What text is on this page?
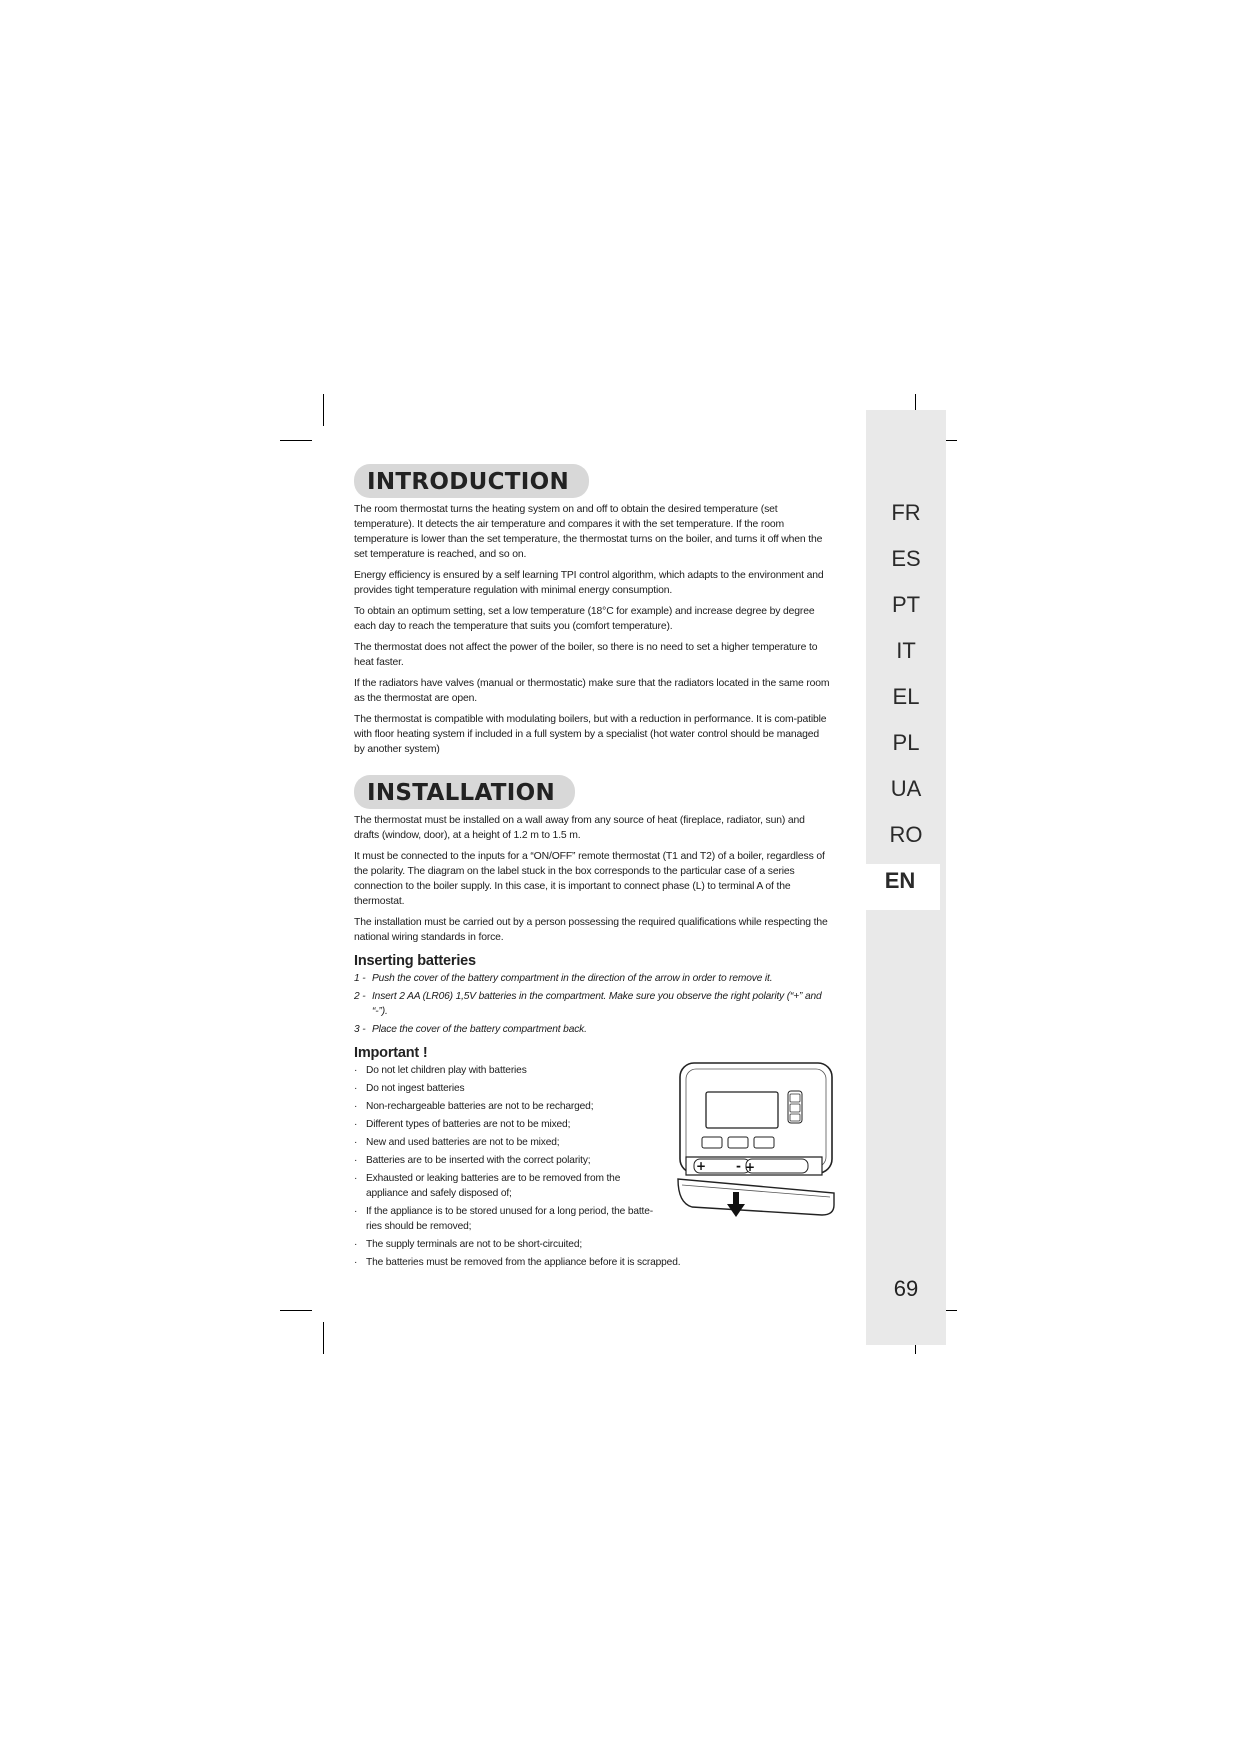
FR
ES
PT
IT
EL
PL
UA
RO
EN
69
INTRODUCTION

The room thermostat turns the heating system on and off to obtain the desired temperature (set temperature). It detects the air temperature and compares it with the set temperature. If the room temperature is lower than the set temperature, the thermostat turns on the boiler, and turns it off when the set temperature is reached, and so on.

Energy efficiency is ensured by a self learning TPI control algorithm, which adapts to the environment and provides tight temperature regulation with minimal energy consumption.

To obtain an optimum setting, set a low temperature (18°C for example) and increase degree by degree each day to reach the temperature that suits you (comfort temperature).

The thermostat does not affect the power of the boiler, so there is no need to set a higher temperature to heat faster.

If the radiators have valves (manual or thermostatic) make sure that the radiators located in the same room as the thermostat are open.

The thermostat is compatible with modulating boilers, but with a reduction in performance. It is com-patible with floor heating system if included in a full system by a specialist (hot water control should be managed by another system)

INSTALLATION

The thermostat must be installed on a wall away from any source of heat (fireplace, radiator, sun) and drafts (window, door), at a height of 1.2 m to 1.5 m.

It must be connected to the inputs for a “ON/OFF” remote thermostat (T1 and T2) of a boiler, regardless of the polarity. The diagram on the label stuck in the box corresponds to the particular case of a series connection to the boiler supply. In this case, it is important to connect phase (L) to terminal A of the thermostat.

The installation must be carried out by a person possessing the required qualifications while respecting the national wiring standards in force.

Inserting batteries
1 - Push the cover of the battery compartment in the direction of the arrow in order to remove it.
2 - Insert 2 AA (LR06) 1,5V batteries in the compartment. Make sure you observe the right polarity (“+” and “-”).
3 - Place the cover of the battery compartment back.
Important !
· Do not let children play with batteries
· Do not ingest batteries
· Non-rechargeable batteries are not to be recharged;
· Different types of batteries are not to be mixed;
· New and used batteries are not to be mixed;
· Batteries are to be inserted with the correct polarity;
· Exhausted or leaking batteries are to be removed from the appliance and safely disposed of;
· If the appliance is to be stored unused for a long period, the batte-ries should be removed;
· The supply terminals are not to be short-circuited;
· The batteries must be removed from the appliance before it is scrapped.
+ - +
